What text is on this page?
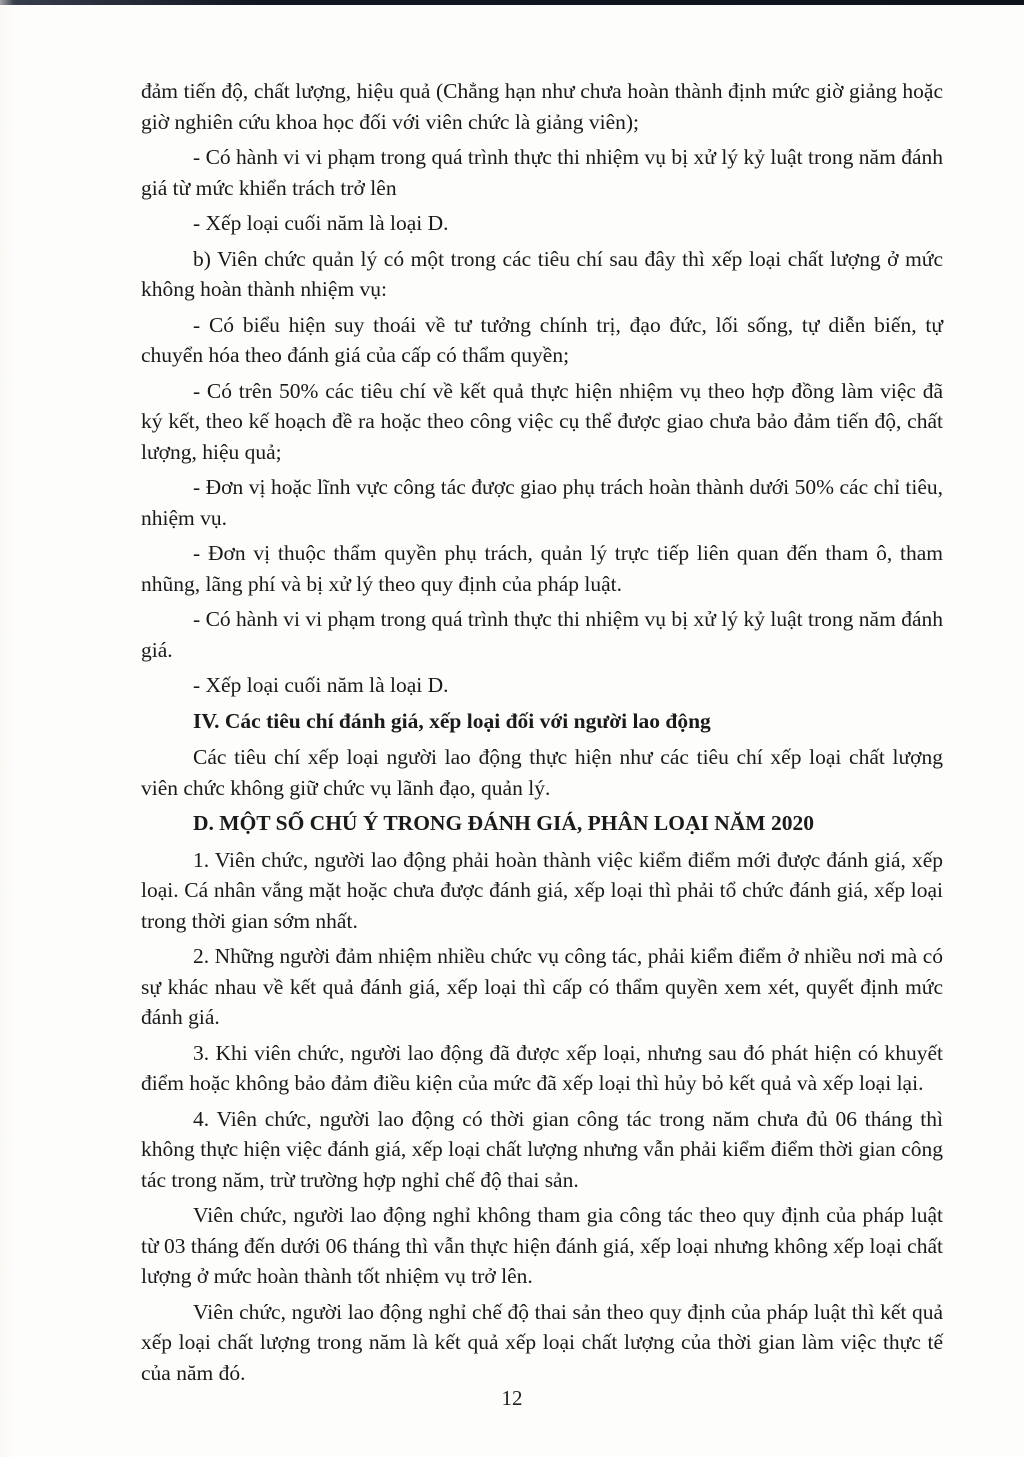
đảm tiến độ, chất lượng, hiệu quả (Chẳng hạn như chưa hoàn thành định mức giờ giảng hoặc giờ nghiên cứu khoa học đối với viên chức là giảng viên);

- Có hành vi vi phạm trong quá trình thực thi nhiệm vụ bị xử lý kỷ luật trong năm đánh giá từ mức khiển trách trở lên

- Xếp loại cuối năm là loại D.

b) Viên chức quản lý có một trong các tiêu chí sau đây thì xếp loại chất lượng ở mức không hoàn thành nhiệm vụ:

- Có biểu hiện suy thoái về tư tưởng chính trị, đạo đức, lối sống, tự diễn biến, tự chuyển hóa theo đánh giá của cấp có thẩm quyền;

- Có trên 50% các tiêu chí về kết quả thực hiện nhiệm vụ theo hợp đồng làm việc đã ký kết, theo kế hoạch đề ra hoặc theo công việc cụ thể được giao chưa bảo đảm tiến độ, chất lượng, hiệu quả;

- Đơn vị hoặc lĩnh vực công tác được giao phụ trách hoàn thành dưới 50% các chỉ tiêu, nhiệm vụ.

- Đơn vị thuộc thẩm quyền phụ trách, quản lý trực tiếp liên quan đến tham ô, tham nhũng, lãng phí và bị xử lý theo quy định của pháp luật.

- Có hành vi vi phạm trong quá trình thực thi nhiệm vụ bị xử lý kỷ luật trong năm đánh giá.

- Xếp loại cuối năm là loại D.

IV. Các tiêu chí đánh giá, xếp loại đối với người lao động

Các tiêu chí xếp loại người lao động thực hiện như các tiêu chí xếp loại chất lượng viên chức không giữ chức vụ lãnh đạo, quản lý.

D. MỘT SỐ CHÚ Ý TRONG ĐÁNH GIÁ, PHÂN LOẠI NĂM 2020

1. Viên chức, người lao động phải hoàn thành việc kiểm điểm mới được đánh giá, xếp loại. Cá nhân vắng mặt hoặc chưa được đánh giá, xếp loại thì phải tổ chức đánh giá, xếp loại trong thời gian sớm nhất.

2. Những người đảm nhiệm nhiều chức vụ công tác, phải kiểm điểm ở nhiều nơi mà có sự khác nhau về kết quả đánh giá, xếp loại thì cấp có thẩm quyền xem xét, quyết định mức đánh giá.

3. Khi viên chức, người lao động đã được xếp loại, nhưng sau đó phát hiện có khuyết điểm hoặc không bảo đảm điều kiện của mức đã xếp loại thì hủy bỏ kết quả và xếp loại lại.

4. Viên chức, người lao động có thời gian công tác trong năm chưa đủ 06 tháng thì không thực hiện việc đánh giá, xếp loại chất lượng nhưng vẫn phải kiểm điểm thời gian công tác trong năm, trừ trường hợp nghỉ chế độ thai sản.

Viên chức, người lao động nghỉ không tham gia công tác theo quy định của pháp luật từ 03 tháng đến dưới 06 tháng thì vẫn thực hiện đánh giá, xếp loại nhưng không xếp loại chất lượng ở mức hoàn thành tốt nhiệm vụ trở lên.

Viên chức, người lao động nghỉ chế độ thai sản theo quy định của pháp luật thì kết quả xếp loại chất lượng trong năm là kết quả xếp loại chất lượng của thời gian làm việc thực tế của năm đó.

12
